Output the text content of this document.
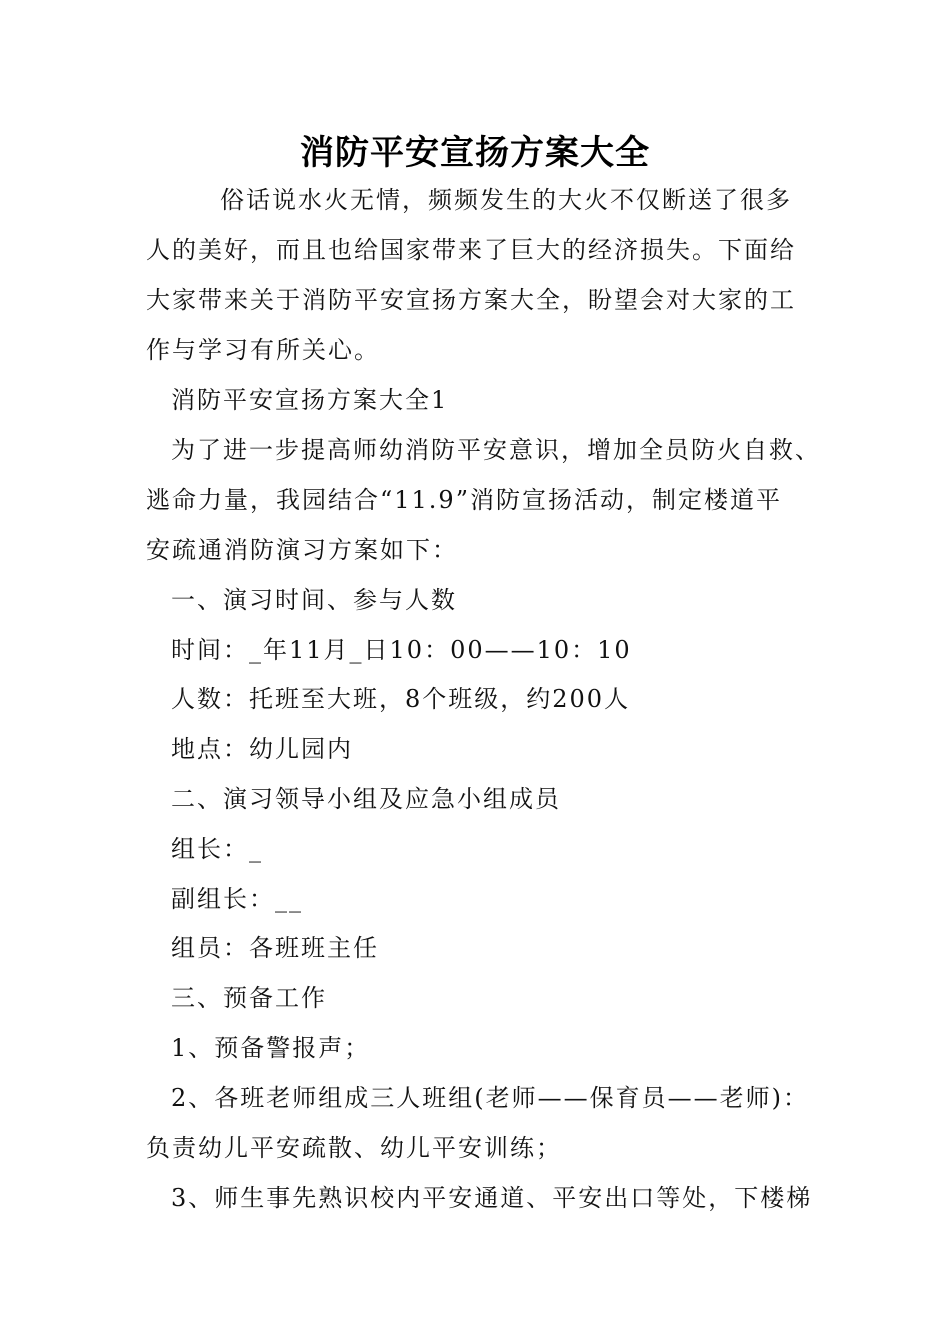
消防平安宣扬方案大全
俗话说水火无情，频频发生的大火不仅断送了很多
人的美好，而且也给国家带来了巨大的经济损失。下面给
大家带来关于消防平安宣扬方案大全，盼望会对大家的工
作与学习有所关心。
消防平安宣扬方案大全1
为了进一步提高师幼消防平安意识，增加全员防火自救、
逃命力量，我园结合“11.9”消防宣扬活动，制定楼道平
安疏通消防演习方案如下：
一、演习时间、参与人数
时间：_年11月_日10：00——10：10
人数：托班至大班，8个班级，约200人
地点：幼儿园内
二、演习领导小组及应急小组成员
组长：_
副组长：__
组员：各班班主任
三、预备工作
1、预备警报声；
2、各班老师组成三人班组(老师——保育员——老师)：
负责幼儿平安疏散、幼儿平安训练；
3、师生事先熟识校内平安通道、平安出口等处，下楼梯
